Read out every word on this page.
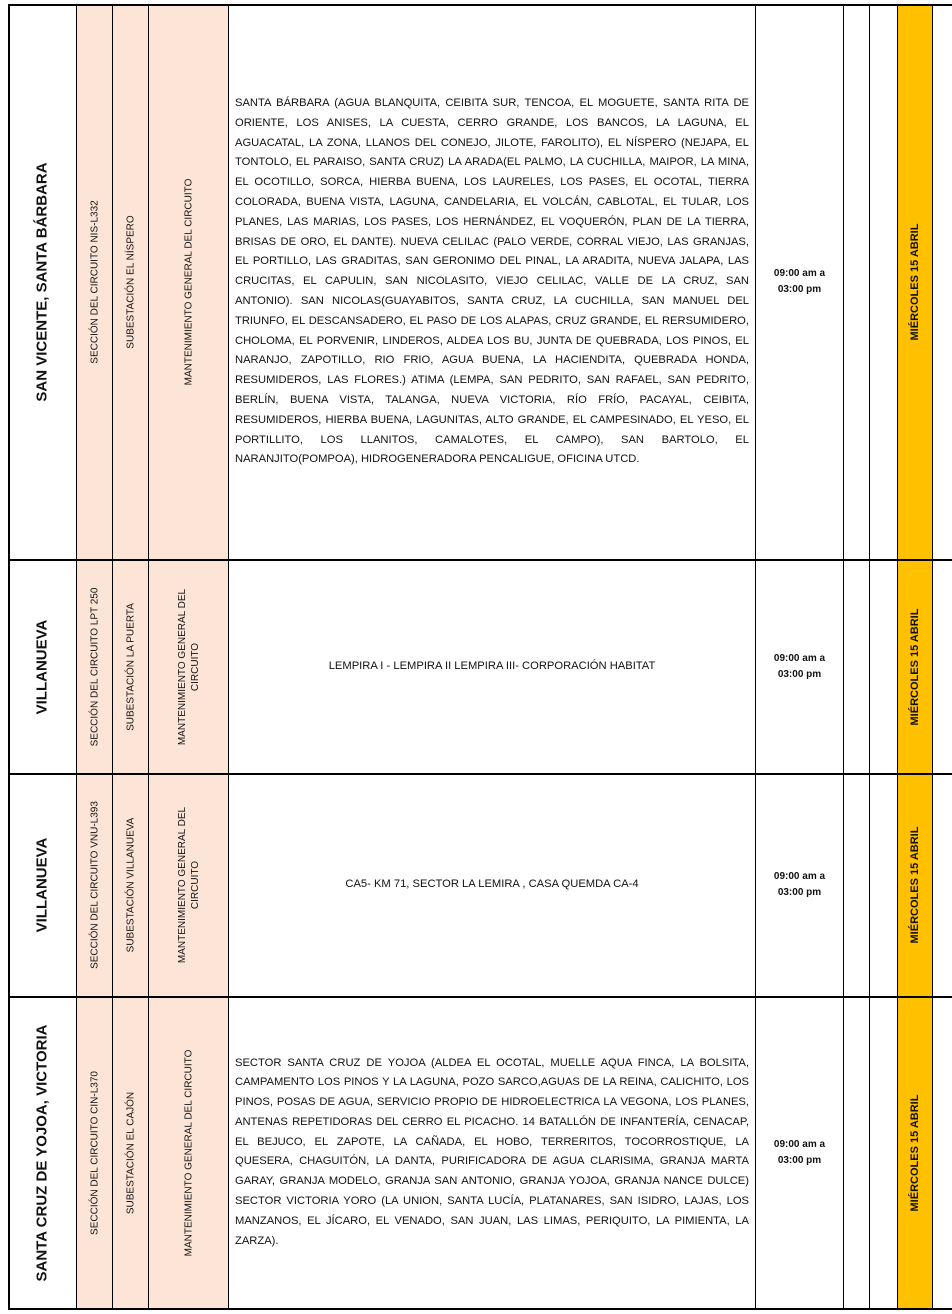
SAN VICENTE, SANTA BÁRBARA	SECCIÓN DEL CIRCUITO NIS-L332	SUBESTACIÓN EL NÍSPERO	MANTENIMIENTO GENERAL DEL CIRCUITO
SANTA BÁRBARA (AGUA BLANQUITA, CEIBITA SUR, TENCOA, EL MOGUETE, SANTA RITA DE ORIENTE, LOS ANISES, LA CUESTA, CERRO GRANDE, LOS BANCOS, LA LAGUNA, EL AGUACATAL, LA ZONA, LLANOS DEL CONEJO, JILOTE, FAROLITO), EL NÍSPERO (NEJAPA, EL TONTOLO, EL PARAISO, SANTA CRUZ) LA ARADA(EL PALMO, LA CUCHILLA, MAIPOR, LA MINA, EL OCOTILLO, SORCA, HIERBA BUENA, LOS LAURELES, LOS PASES, EL OCOTAL, TIERRA COLORADA, BUENA VISTA, LAGUNA, CANDELARIA, EL VOLCÁN, CABLOTAL, EL TULAR, LOS PLANES, LAS MARIAS, LOS PASES, LOS HERNÁNDEZ, EL VOQUERÓN, PLAN DE LA TIERRA, BRISAS DE ORO, EL DANTE). NUEVA CELILAC (PALO VERDE, CORRAL VIEJO, LAS GRANJAS, EL PORTILLO, LAS GRADITAS, SAN GERONIMO DEL PINAL, LA ARADITA, NUEVA JALAPA, LAS CRUCITAS, EL CAPULIN, SAN NICOLASITO, VIEJO CELILAC, VALLE DE LA CRUZ, SAN ANTONIO). SAN NICOLAS(GUAYABITOS, SANTA CRUZ, LA CUCHILLA, SAN MANUEL DEL TRIUNFO, EL DESCANSADERO, EL PASO DE LOS ALAPAS, CRUZ GRANDE, EL RERSUMIDERO, CHOLOMA, EL PORVENIR, LINDEROS, ALDEA LOS BU, JUNTA DE QUEBRADA, LOS PINOS, EL NARANJO, ZAPOTILLO, RIO FRIO, AGUA BUENA, LA HACIENDITA, QUEBRADA HONDA, RESUMIDEROS, LAS FLORES.) ATIMA (LEMPA, SAN PEDRITO, SAN RAFAEL, SAN PEDRITO, BERLÍN, BUENA VISTA, TALANGA, NUEVA VICTORIA, RÍO FRÍO, PACAYAL, CEIBITA, RESUMIDEROS, HIERBA BUENA, LAGUNITAS, ALTO GRANDE, EL CAMPESINADO, EL YESO, EL PORTILLITO, LOS LLANITOS, CAMALOTES, EL CAMPO), SAN BARTOLO, EL NARANJITO(POMPOA), HIDROGENERADORA PENCALIGUE, OFICINA UTCD.
09:00 am a
03:00 pm	MIÉRCOLES 15 ABRIL
VILLANUEVA	SECCIÓN DEL CIRCUITO LPT 250	SUBESTACIÓN LA PUERTA	MANTENIMIENTO GENERAL DEL CIRCUITO	LEMPIRA I - LEMPIRA II LEMPIRA III- CORPORACIÓN HABITAT
09:00 am a
03:00 pm	MIÉRCOLES 15 ABRIL
VILLANUEVA	SECCIÓN DEL CIRCUITO VNU-L393	SUBESTACIÓN VILLANUEVA	MANTENIMIENTO GENERAL DEL CIRCUITO	CA5- KM 71, SECTOR LA LEMIRA , CASA QUEMDA CA-4
09:00 am a
03:00 pm	MIÉRCOLES 15 ABRIL
SANTA CRUZ DE YOJOA, VICTORIA	SECCIÓN DEL CIRCUITO CIN-L370	SUBESTACIÓN EL CAJÓN	MANTENIMIENTO GENERAL DEL CIRCUITO	SECTOR SANTA CRUZ DE YOJOA (ALDEA EL OCOTAL, MUELLE AQUA FINCA, LA BOLSITA, CAMPAMENTO LOS PINOS Y LA LAGUNA, POZO SARCO,AGUAS DE LA REINA, CALICHITO, LOS PINOS, POSAS DE AGUA, SERVICIO PROPIO DE HIDROELECTRICA LA VEGONA, LOS PLANES, ANTENAS REPETIDORAS DEL CERRO EL PICACHO. 14 BATALLÓN DE INFANTERÍA, CENACAP, EL BEJUCO, EL ZAPOTE, LA CAÑADA, EL HOBO, TERRERITOS, TOCORROSTIQUE, LA QUESERA, CHAGUITÓN, LA DANTA, PURIFICADORA DE AGUA CLARISIMA, GRANJA MARTA GARAY, GRANJA MODELO, GRANJA SAN ANTONIO, GRANJA YOJOA, GRANJA NANCE DULCE) SECTOR VICTORIA YORO (LA UNION, SANTA LUCÍA, PLATANARES, SAN ISIDRO, LAJAS, LOS MANZANOS, EL JÍCARO, EL VENADO, SAN JUAN, LAS LIMAS, PERIQUITO, LA PIMIENTA, LA ZARZA).
09:00 am a
03:00 pm	MIÉRCOLES 15 ABRIL
